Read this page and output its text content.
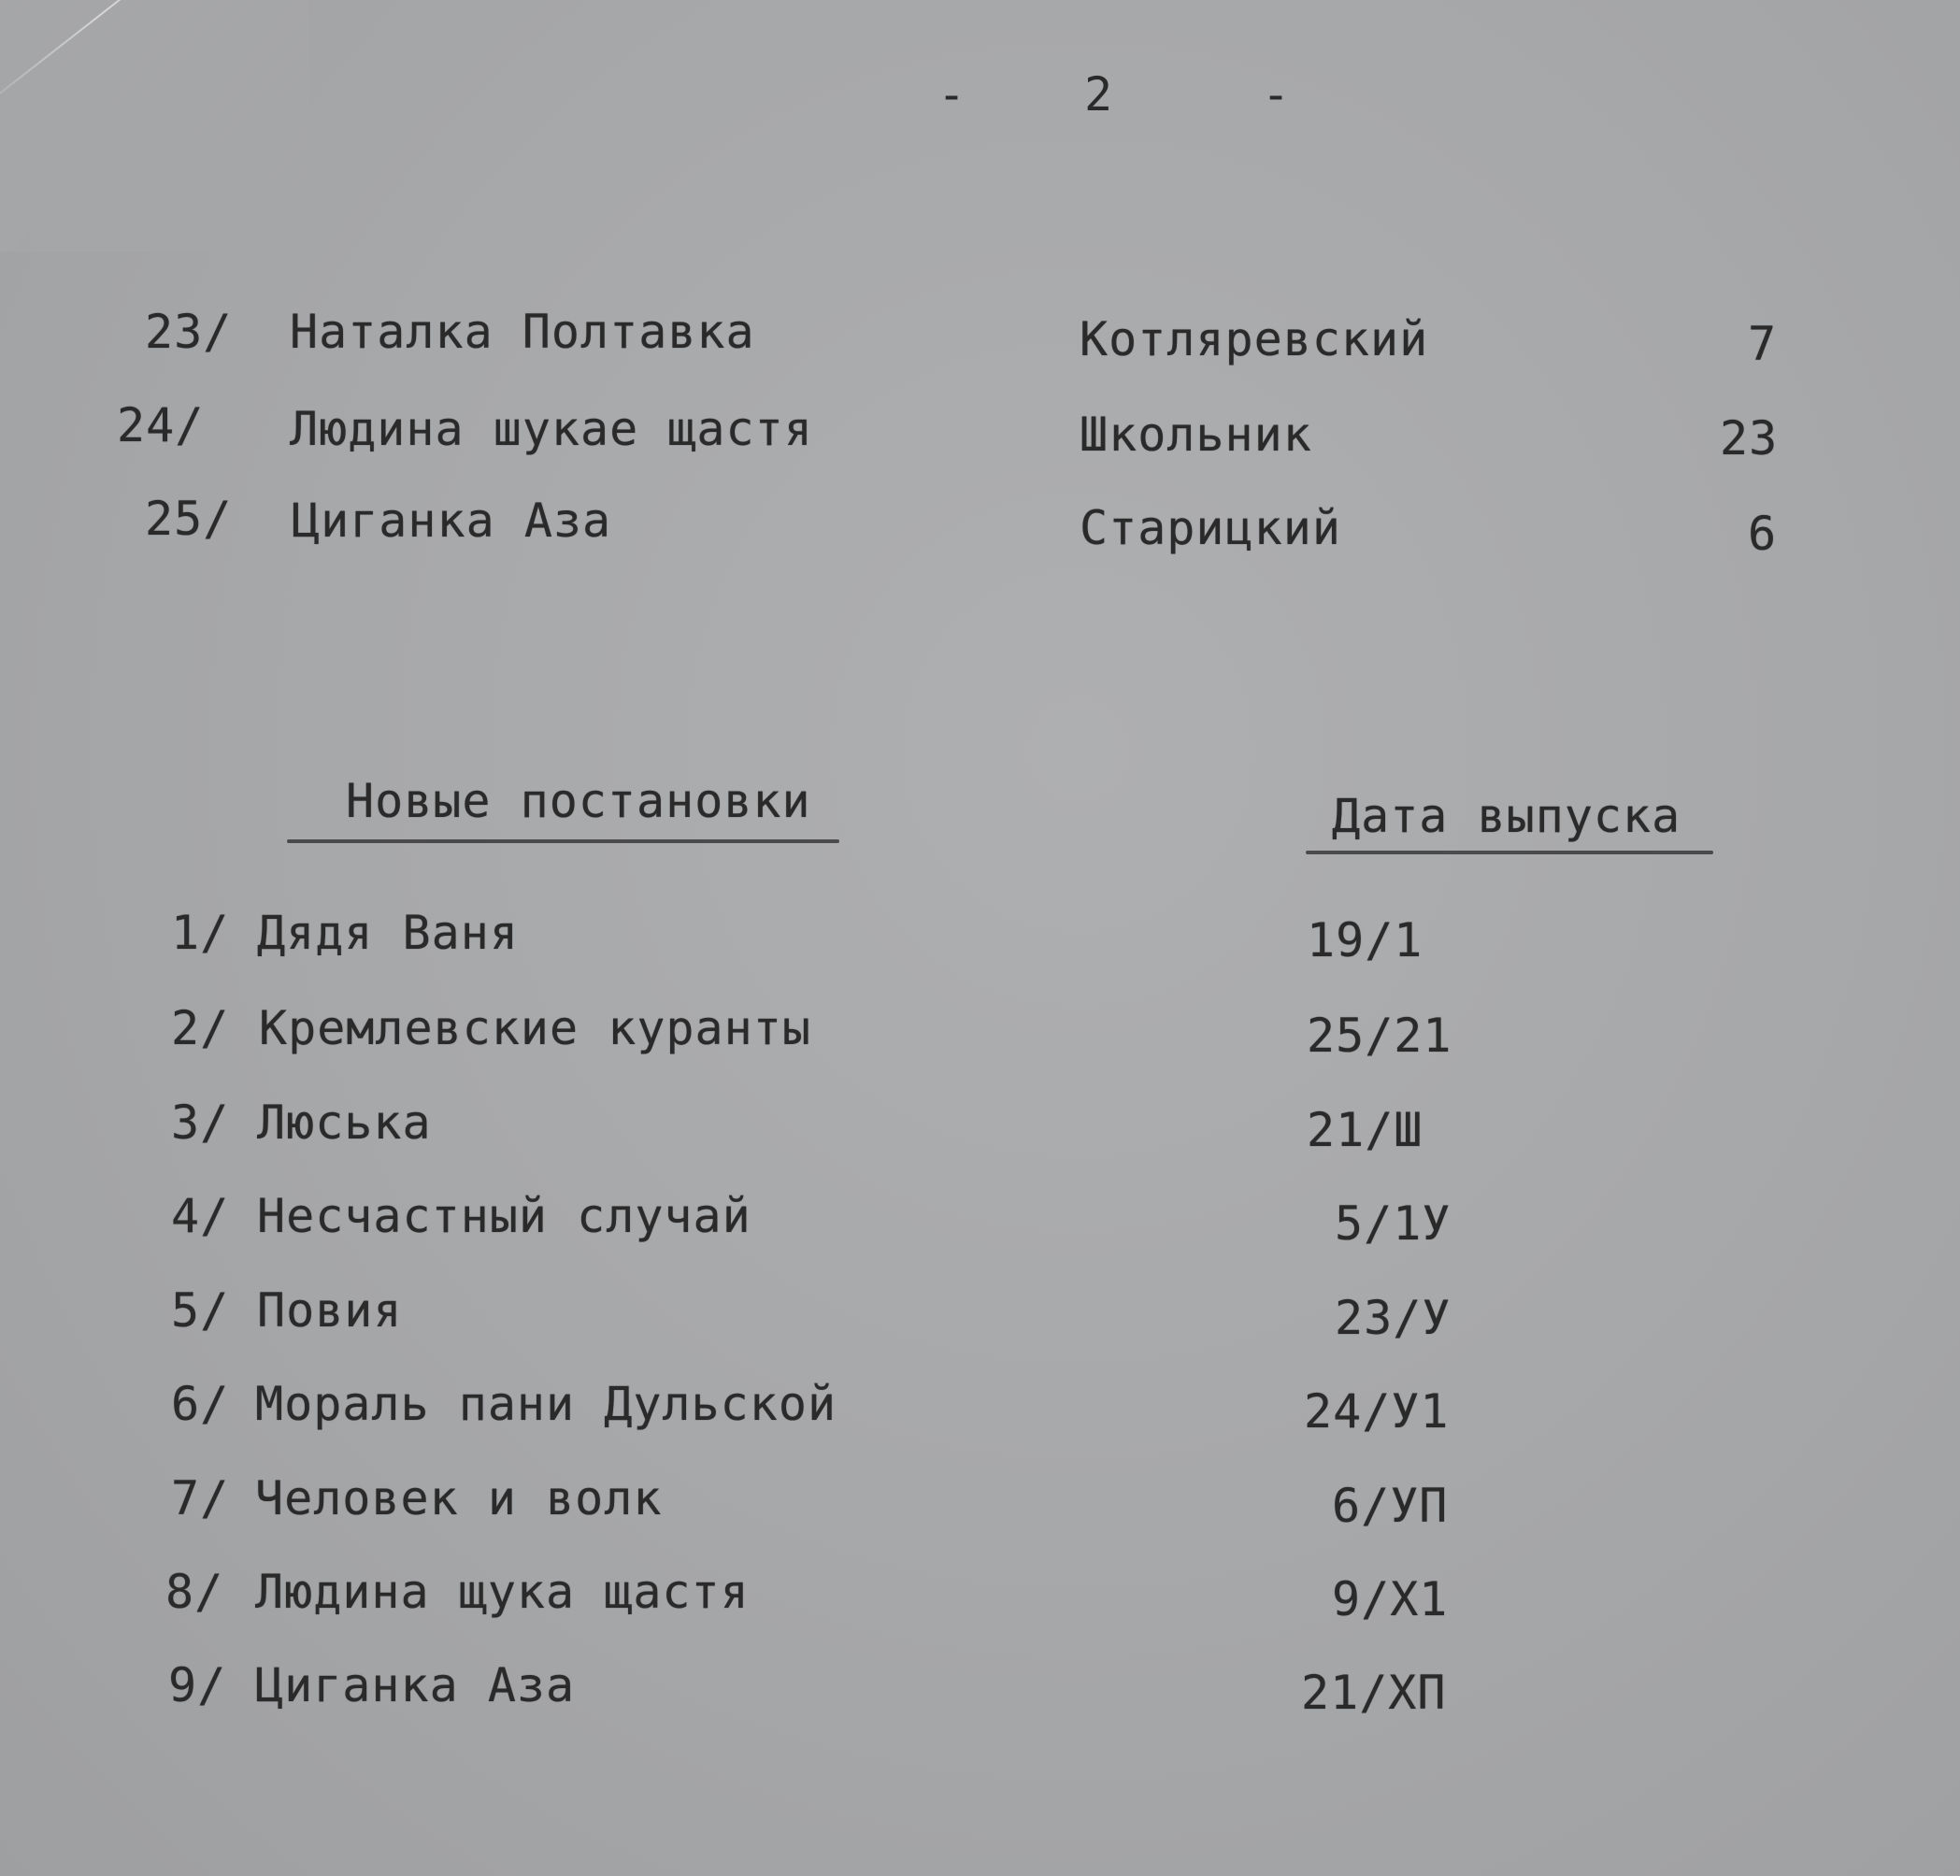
-	2	-
23/ Наталка Полтавка	Котляревский	7
24/ Людина шукае щастя	Школьник	23
25/ Циганка Аза	Старицкий	6
Новые постановки	Дата выпуска
1/ Дядя Ваня	19/1
2/ Кремлевские куранты	25/21
3/ Люська	21/Ш
4/ Несчастный случай	5/1У
5/ Повия	23/У
6/ Мораль пани Дульской	24/У1
7/ Человек и волк	6/УП
8/ Людина щука щастя	9/Х1
9/ Циганка Аза	21/ХП
